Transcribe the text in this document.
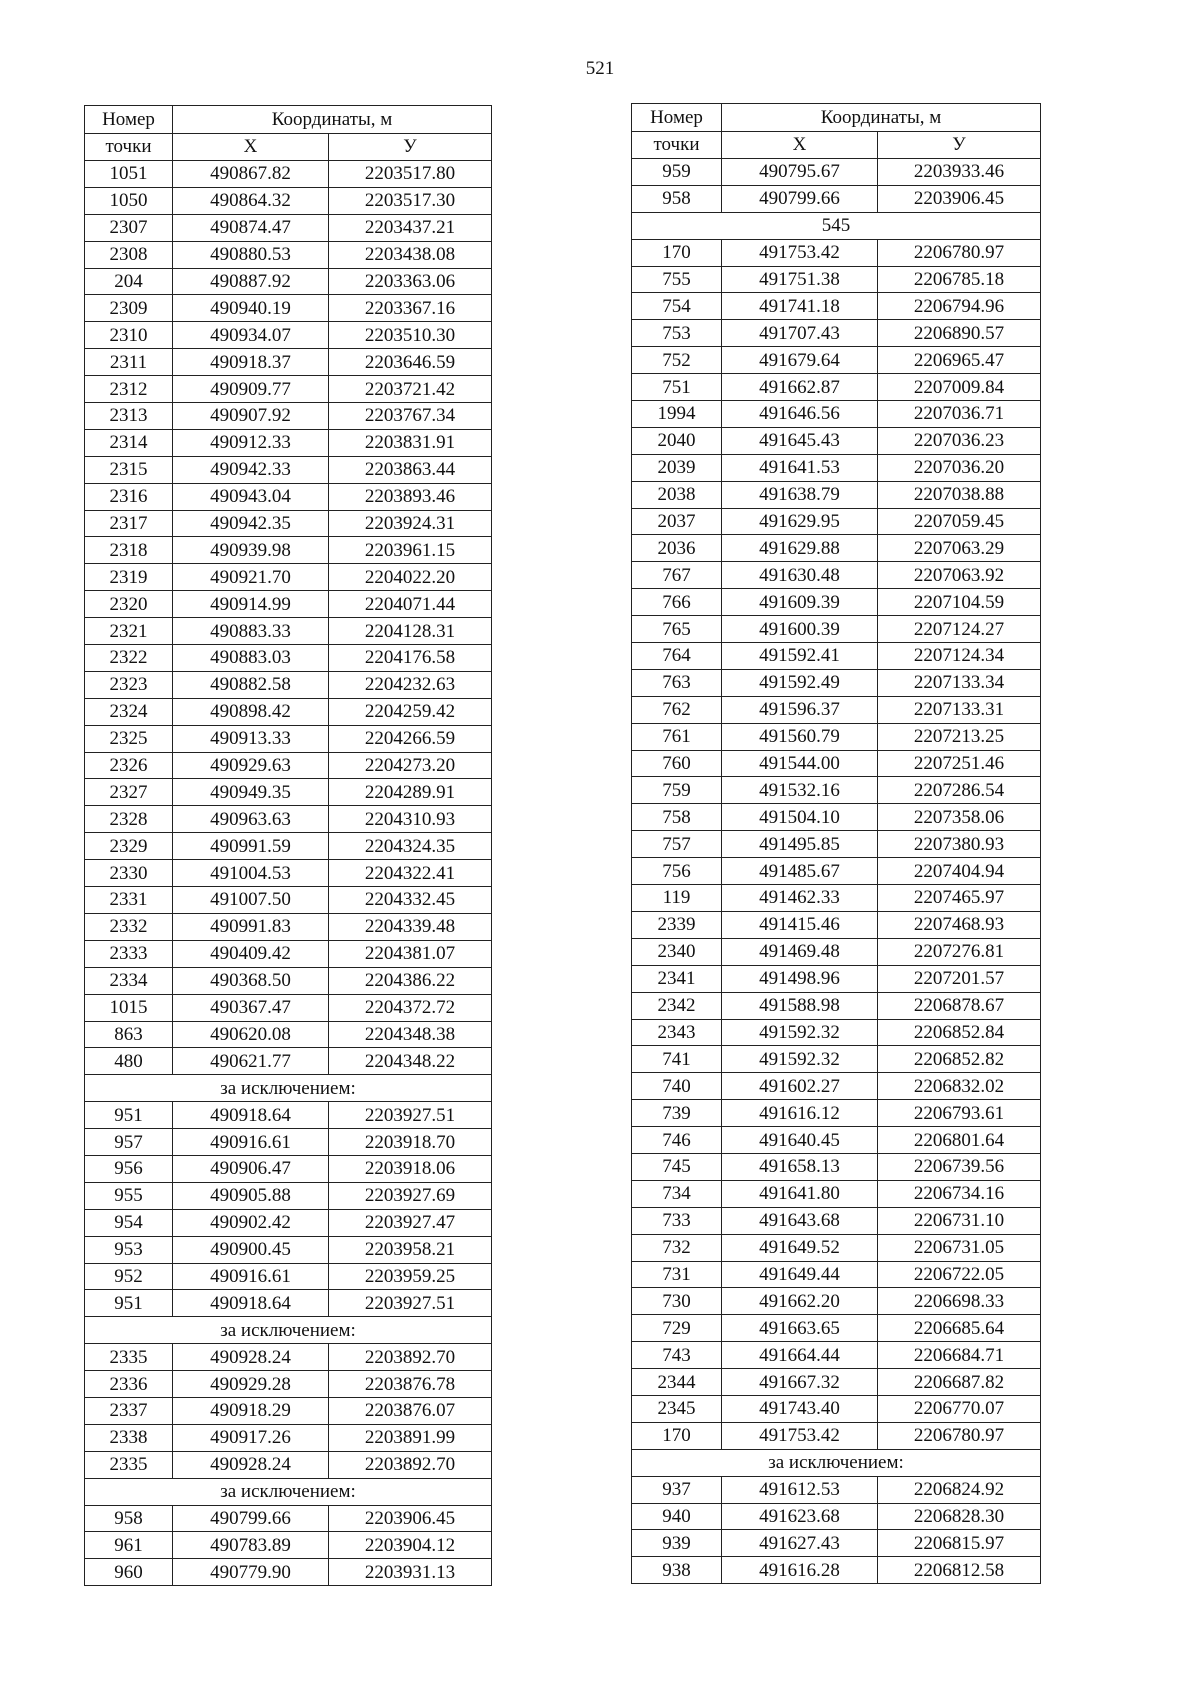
521
Номер	Координаты, м	
точки	Х	У
1051	490867.82	2203517.80
1050	490864.32	2203517.30
2307	490874.47	2203437.21
2308	490880.53	2203438.08
204	490887.92	2203363.06
2309	490940.19	2203367.16
2310	490934.07	2203510.30
2311	490918.37	2203646.59
2312	490909.77	2203721.42
2313	490907.92	2203767.34
2314	490912.33	2203831.91
2315	490942.33	2203863.44
2316	490943.04	2203893.46
2317	490942.35	2203924.31
2318	490939.98	2203961.15
2319	490921.70	2204022.20
2320	490914.99	2204071.44
2321	490883.33	2204128.31
2322	490883.03	2204176.58
2323	490882.58	2204232.63
2324	490898.42	2204259.42
2325	490913.33	2204266.59
2326	490929.63	2204273.20
2327	490949.35	2204289.91
2328	490963.63	2204310.93
2329	490991.59	2204324.35
2330	491004.53	2204322.41
2331	491007.50	2204332.45
2332	490991.83	2204339.48
2333	490409.42	2204381.07
2334	490368.50	2204386.22
1015	490367.47	2204372.72
863	490620.08	2204348.38
480	490621.77	2204348.22
за исключением:		
951	490918.64	2203927.51
957	490916.61	2203918.70
956	490906.47	2203918.06
955	490905.88	2203927.69
954	490902.42	2203927.47
953	490900.45	2203958.21
952	490916.61	2203959.25
951	490918.64	2203927.51
за исключением:		
2335	490928.24	2203892.70
2336	490929.28	2203876.78
2337	490918.29	2203876.07
2338	490917.26	2203891.99
2335	490928.24	2203892.70
за исключением:		
958	490799.66	2203906.45
961	490783.89	2203904.12
960	490779.90	2203931.13
Номер	Координаты, м	
точки	Х	У
959	490795.67	2203933.46
958	490799.66	2203906.45
545		
170	491753.42	2206780.97
755	491751.38	2206785.18
754	491741.18	2206794.96
753	491707.43	2206890.57
752	491679.64	2206965.47
751	491662.87	2207009.84
1994	491646.56	2207036.71
2040	491645.43	2207036.23
2039	491641.53	2207036.20
2038	491638.79	2207038.88
2037	491629.95	2207059.45
2036	491629.88	2207063.29
767	491630.48	2207063.92
766	491609.39	2207104.59
765	491600.39	2207124.27
764	491592.41	2207124.34
763	491592.49	2207133.34
762	491596.37	2207133.31
761	491560.79	2207213.25
760	491544.00	2207251.46
759	491532.16	2207286.54
758	491504.10	2207358.06
757	491495.85	2207380.93
756	491485.67	2207404.94
119	491462.33	2207465.97
2339	491415.46	2207468.93
2340	491469.48	2207276.81
2341	491498.96	2207201.57
2342	491588.98	2206878.67
2343	491592.32	2206852.84
741	491592.32	2206852.82
740	491602.27	2206832.02
739	491616.12	2206793.61
746	491640.45	2206801.64
745	491658.13	2206739.56
734	491641.80	2206734.16
733	491643.68	2206731.10
732	491649.52	2206731.05
731	491649.44	2206722.05
730	491662.20	2206698.33
729	491663.65	2206685.64
743	491664.44	2206684.71
2344	491667.32	2206687.82
2345	491743.40	2206770.07
170	491753.42	2206780.97
за исключением:		
937	491612.53	2206824.92
940	491623.68	2206828.30
939	491627.43	2206815.97
938	491616.28	2206812.58
